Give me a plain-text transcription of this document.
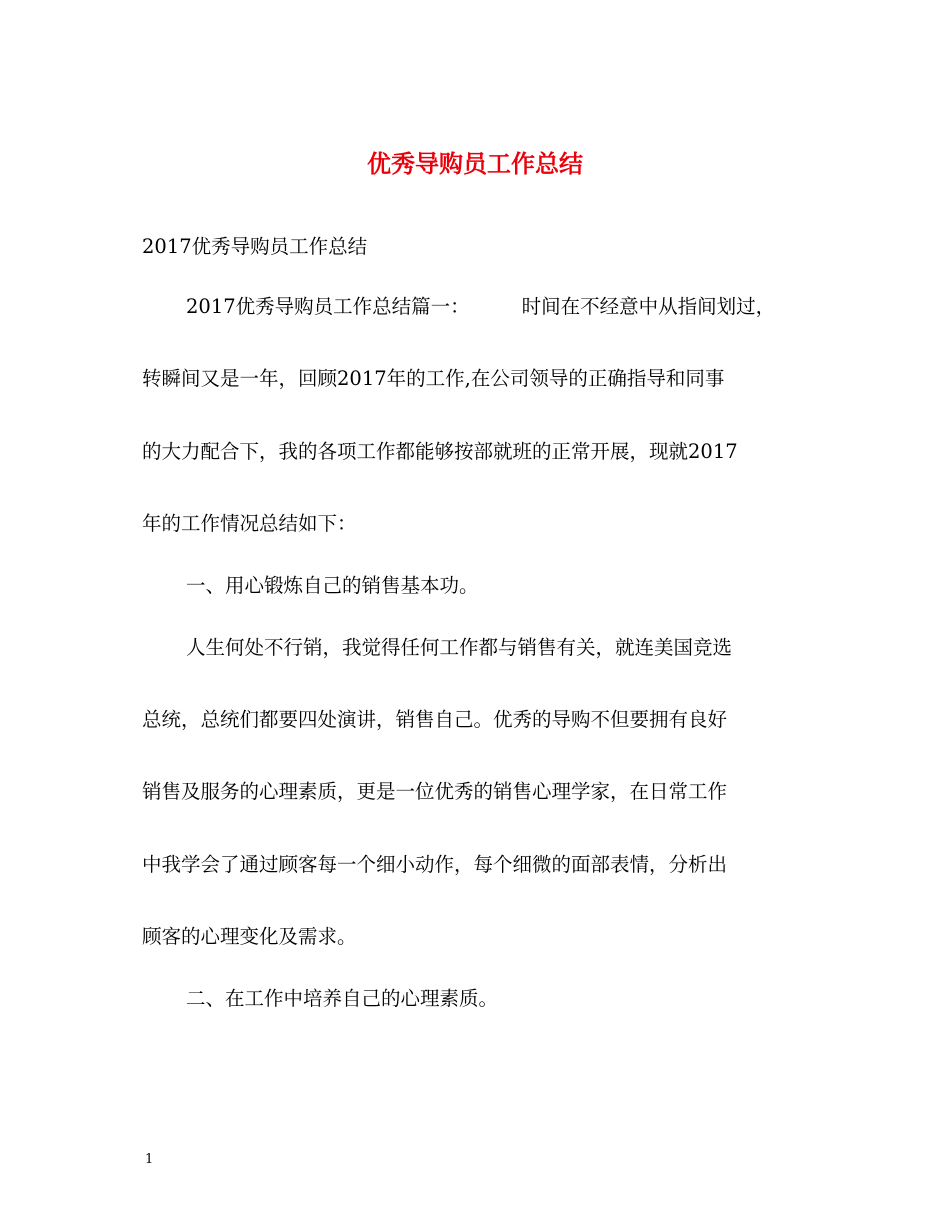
优秀导购员工作总结

2017优秀导购员工作总结

2017优秀导购员工作总结篇一：	时间在不经意中从指间划过，

转瞬间又是一年，回顾2017年的工作,在公司领导的正确指导和同事

的大力配合下，我的各项工作都能够按部就班的正常开展，现就2017

年的工作情况总结如下：

一、用心锻炼自己的销售基本功。

人生何处不行销，我觉得任何工作都与销售有关，就连美国竞选

总统，总统们都要四处演讲，销售自己。优秀的导购不但要拥有良好

销售及服务的心理素质，更是一位优秀的销售心理学家，在日常工作

中我学会了通过顾客每一个细小动作，每个细微的面部表情，分析出

顾客的心理变化及需求。

二、在工作中培养自己的心理素质。

1
